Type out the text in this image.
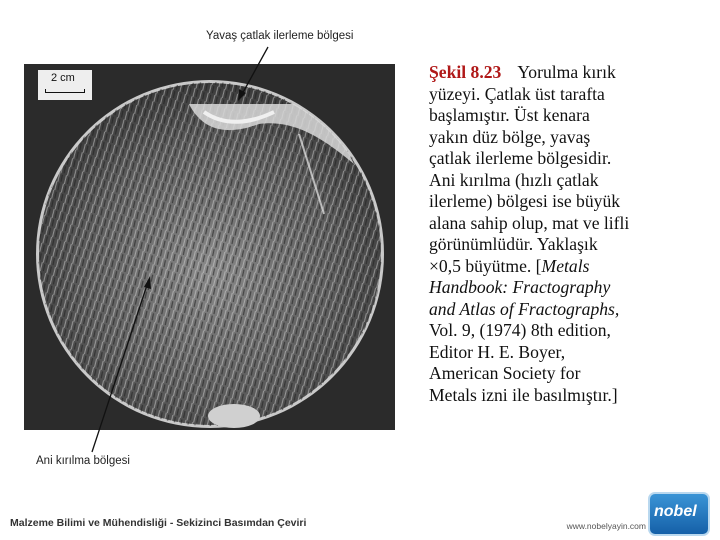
Yavaş çatlak ilerleme bölgesi
2 cm
Ani kırılma bölgesi
Şekil 8.23 Yorulma kırık
yüzeyi. Çatlak üst tarafta
başlamıştır. Üst kenara
yakın düz bölge, yavaş
çatlak ilerleme bölgesidir.
Ani kırılma (hızlı çatlak
ilerleme) bölgesi ise büyük
alana sahip olup, mat ve lifli
görünümlüdür. Yaklaşık
×0,5 büyütme. [Metals
Handbook: Fractography
and Atlas of Fractographs,
Vol. 9, (1974) 8th edition,
Editor H. E. Boyer,
American Society for
Metals izni ile basılmıştır.]
Malzeme Bilimi ve Mühendisliği - Sekizinci Basımdan Çeviri	www.nobelyayin.com
nobel
